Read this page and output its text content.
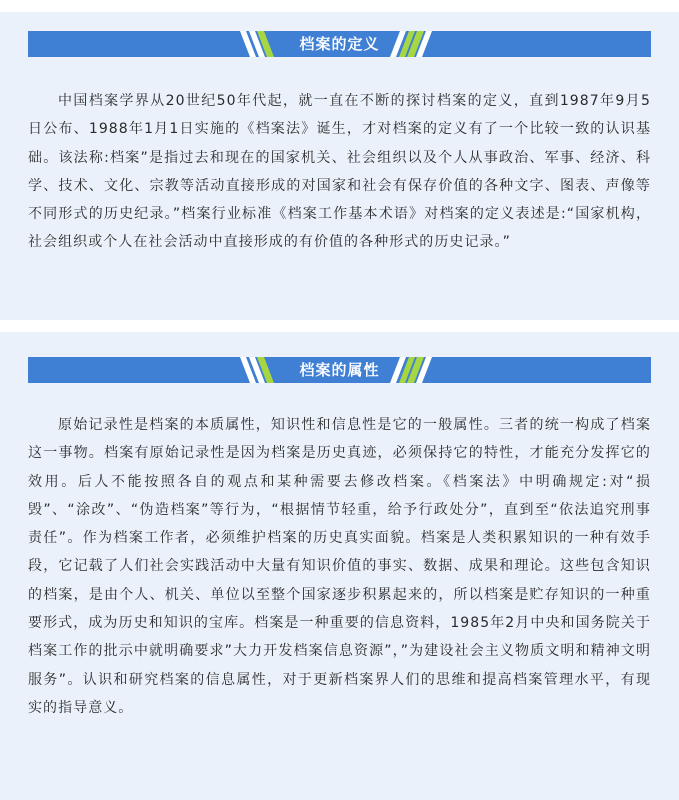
档案的定义

中国档案学界从20世纪50年代起，就一直在不断的探讨档案的定义，直到1987年9月5日公布、1988年1月1日实施的《档案法》诞生，才对档案的定义有了一个比较一致的认识基础。该法称:档案”是指过去和现在的国家机关、社会组织以及个人从事政治、军事、经济、科学、技术、文化、宗教等活动直接形成的对国家和社会有保存价值的各种文字、图表、声像等不同形式的历史纪录。”档案行业标准《档案工作基本术语》对档案的定义表述是:“国家机构，社会组织或个人在社会活动中直接形成的有价值的各种形式的历史记录。”

档案的属性

原始记录性是档案的本质属性，知识性和信息性是它的一般属性。三者的统一构成了档案这一事物。档案有原始记录性是因为档案是历史真迹，必须保持它的特性，才能充分发挥它的效用。后人不能按照各自的观点和某种需要去修改档案。《档案法》中明确规定:对“损毁”、“涂改”、“伪造档案”等行为，“根据情节轻重，给予行政处分”，直到至“依法追究刑事责任”。作为档案工作者，必须维护档案的历史真实面貌。档案是人类积累知识的一种有效手段，它记载了人们社会实践活动中大量有知识价值的事实、数据、成果和理论。这些包含知识的档案，是由个人、机关、单位以至整个国家逐步积累起来的，所以档案是贮存知识的一种重要形式，成为历史和知识的宝库。档案是一种重要的信息资料，1985年2月中央和国务院关于档案工作的批示中就明确要求”大力开发档案信息资源”，”为建设社会主义物质文明和精神文明服务”。认识和研究档案的信息属性，对于更新档案界人们的思维和提高档案管理水平，有现实的指导意义。
